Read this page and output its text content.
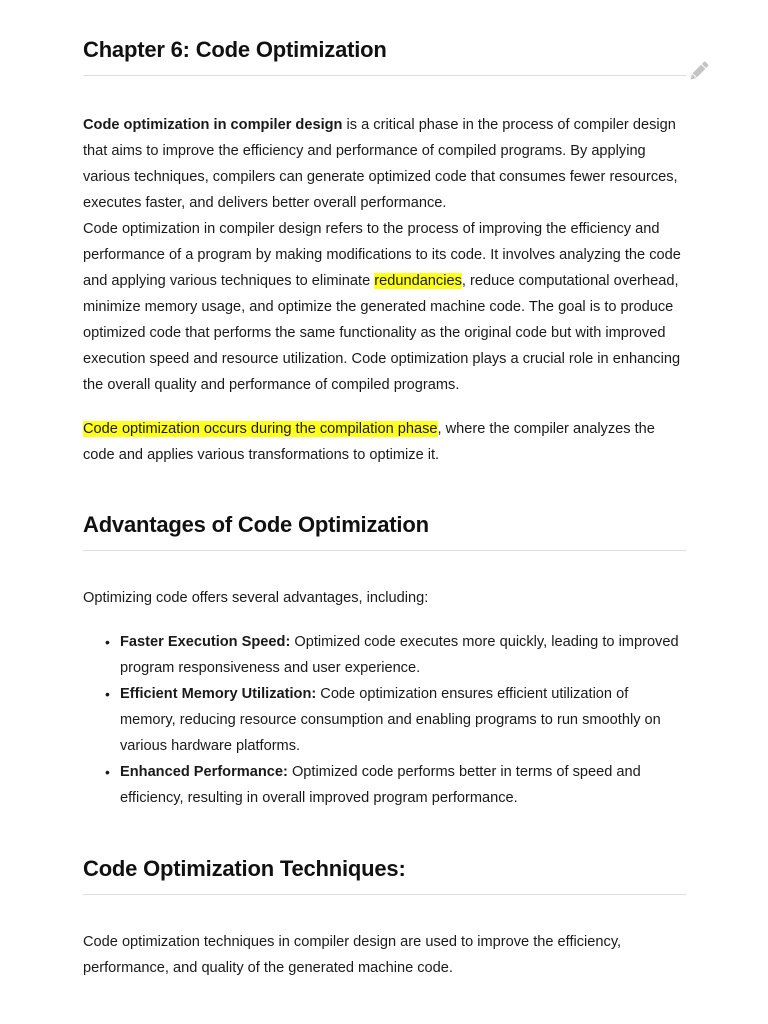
Chapter 6: Code Optimization

Code optimization in compiler design is a critical phase in the process of compiler design that aims to improve the efficiency and performance of compiled programs. By applying various techniques, compilers can generate optimized code that consumes fewer resources, executes faster, and delivers better overall performance.

Code optimization in compiler design refers to the process of improving the efficiency and performance of a program by making modifications to its code. It involves analyzing the code and applying various techniques to eliminate redundancies, reduce computational overhead, minimize memory usage, and optimize the generated machine code. The goal is to produce optimized code that performs the same functionality as the original code but with improved execution speed and resource utilization. Code optimization plays a crucial role in enhancing the overall quality and performance of compiled programs.

Code optimization occurs during the compilation phase, where the compiler analyzes the code and applies various transformations to optimize it.

Advantages of Code Optimization

Optimizing code offers several advantages, including:

• Faster Execution Speed: Optimized code executes more quickly, leading to improved program responsiveness and user experience.
• Efficient Memory Utilization: Code optimization ensures efficient utilization of memory, reducing resource consumption and enabling programs to run smoothly on various hardware platforms.
• Enhanced Performance: Optimized code performs better in terms of speed and efficiency, resulting in overall improved program performance.
Code Optimization Techniques:

Code optimization techniques in compiler design are used to improve the efficiency, performance, and quality of the generated machine code.
